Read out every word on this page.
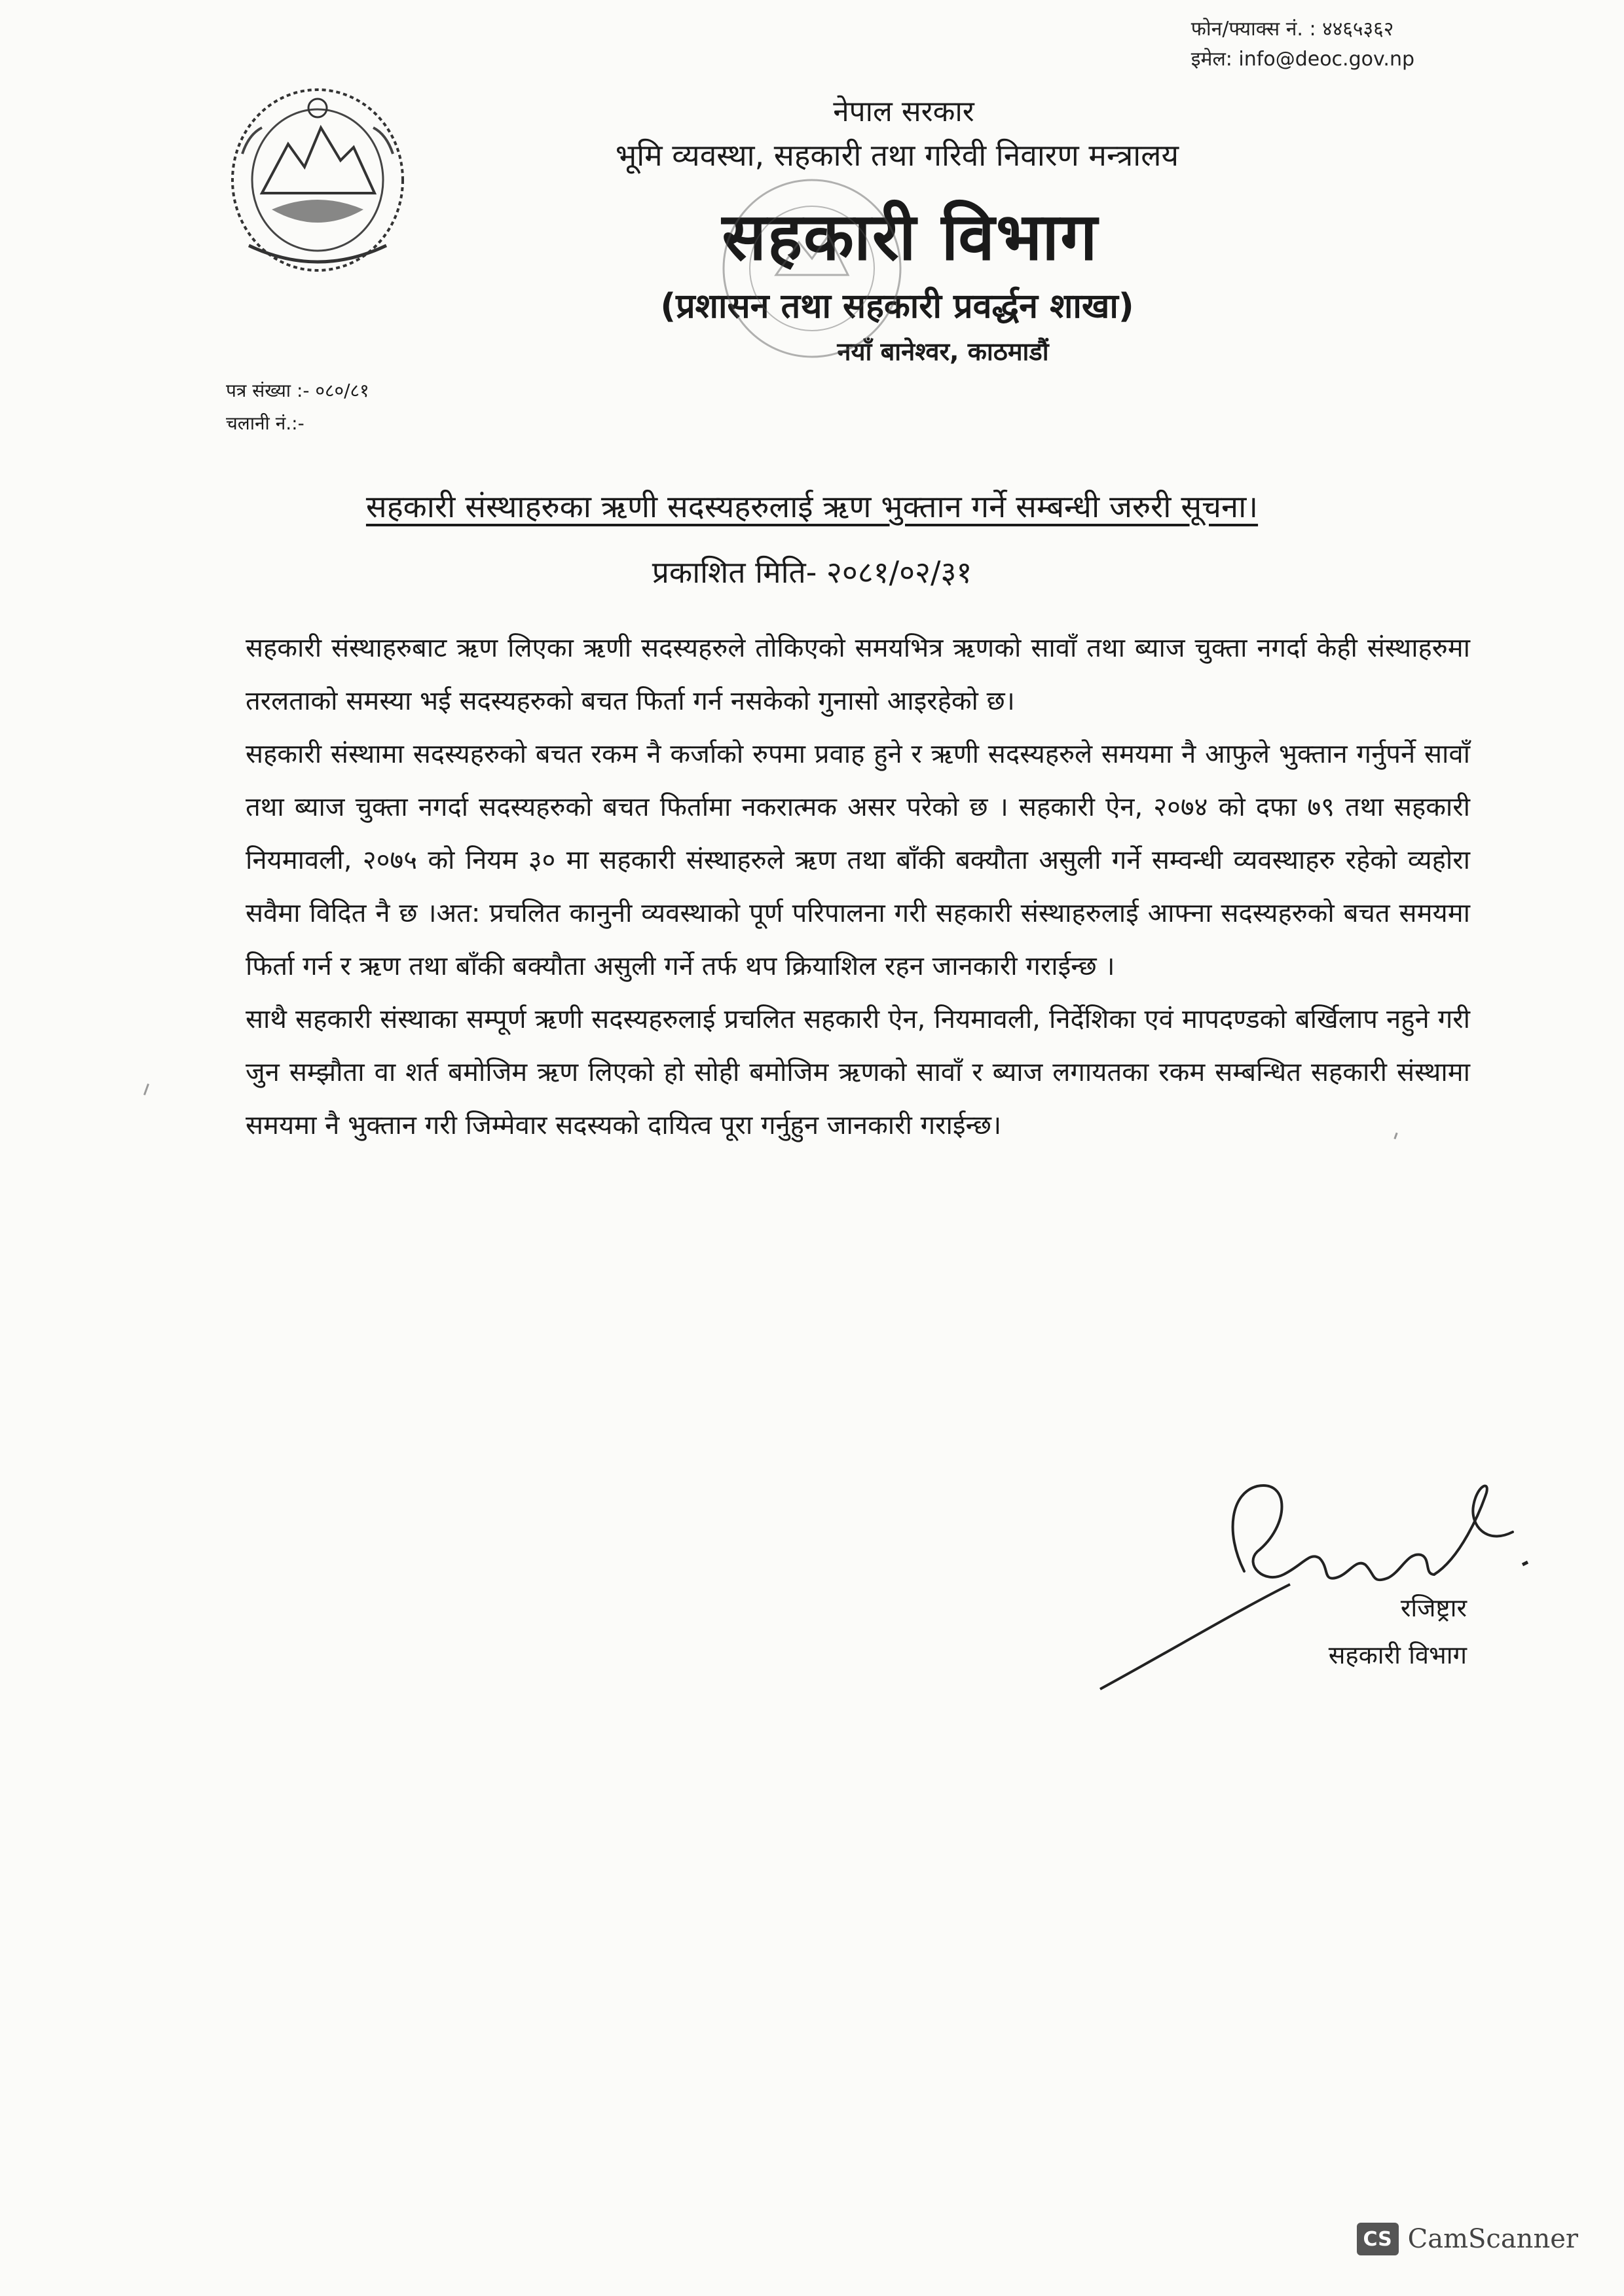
फोन/फ्याक्स नं. : ४४६५३६२
इमेल: info@deoc.gov.np
नेपाल सरकार
भूमि व्यवस्था, सहकारी तथा गरिवी निवारण मन्त्रालय
सहकारी विभाग
(प्रशासन तथा सहकारी प्रवर्द्धन शाखा)
नयाँ बानेश्वर, काठमाडौं
पत्र संख्या :- ०८०/८१
चलानी नं.:-
सहकारी संस्थाहरुका ऋणी सदस्यहरुलाई ऋण भुक्तान गर्ने सम्बन्धी जरुरी सूचना।
प्रकाशित मिति- २०८१/०२/३१

सहकारी संस्थाहरुबाट ऋण लिएका ऋणी सदस्यहरुले तोकिएको समयभित्र ऋणको सावाँ तथा ब्याज चुक्ता नगर्दा केही संस्थाहरुमा तरलताको समस्या भई सदस्यहरुको बचत फिर्ता गर्न नसकेको गुनासो आइरहेको छ।

सहकारी संस्थामा सदस्यहरुको बचत रकम नै कर्जाको रुपमा प्रवाह हुने र ऋणी सदस्यहरुले समयमा नै आफुले भुक्तान गर्नुपर्ने सावाँ तथा ब्याज चुक्ता नगर्दा सदस्यहरुको बचत फिर्तामा नकरात्मक असर परेको छ । सहकारी ऐन, २०७४ को दफा ७९ तथा सहकारी नियमावली, २०७५ को नियम ३० मा सहकारी संस्थाहरुले ऋण तथा बाँकी बक्यौता असुली गर्ने सम्वन्धी व्यवस्थाहरु रहेको व्यहोरा सवैमा विदित नै छ ।अत: प्रचलित कानुनी व्यवस्थाको पूर्ण परिपालना गरी सहकारी संस्थाहरुलाई आफ्ना सदस्यहरुको बचत समयमा फिर्ता गर्न र ऋण तथा बाँकी बक्यौता असुली गर्ने तर्फ थप क्रियाशिल रहन जानकारी गराईन्छ ।

साथै सहकारी संस्थाका सम्पूर्ण ऋणी सदस्यहरुलाई प्रचलित सहकारी ऐन, नियमावली, निर्देशिका एवं मापदण्डको बर्खिलाप नहुने गरी जुन सम्झौता वा शर्त बमोजिम ऋण लिएको हो सोही बमोजिम ऋणको सावाँ र ब्याज लगायतका रकम सम्बन्धित सहकारी संस्थामा समयमा नै भुक्तान गरी जिम्मेवार सदस्यको दायित्व पूरा गर्नुहुन जानकारी गराईन्छ।

रजिष्ट्रार
सहकारी विभाग
CS CamScanner
